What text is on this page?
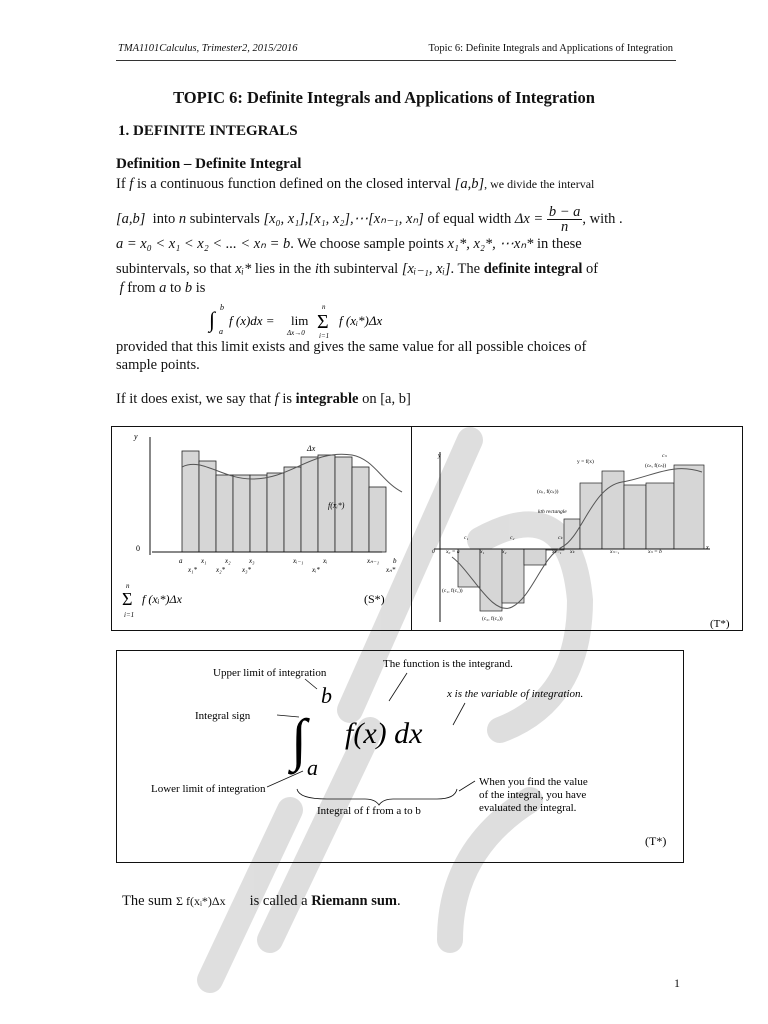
TMA1101Calculus, Trimester2, 2015/2016	Topic 6: Definite Integrals and Applications of Integration
TOPIC 6: Definite Integrals and Applications of Integration
1. DEFINITE INTEGRALS
Definition – Definite Integral
If f is a continuous function defined on the closed interval [a,b], we divide the interval
[a,b] into n subintervals [x₀, x₁],[x₁, x₂],⋯[xₙ₋₁, xₙ] of equal width $\Delta x = \frac{b - a}{n}$ , with .
a = x₀ < x₁ < x₂ < ... < xₙ = b. We choose sample points x₁*, x₂*, ⋯xₙ* in these
subintervals, so that xᵢ* lies in the ith subinterval [xᵢ₋₁, xᵢ]. The definite integral of
f from a to b is
∫ b
a
f (x)dx = lim
Δx→0 Σ
n
i=1
f (xᵢ*)Δx
provided that this limit exists and gives the same value for all possible choices of
sample points.
If it does exist, we say that f is integrable on [a, b]
y
Δx
f(xᵢ*)
0
a	x₁	x₂	x₃	xᵢ₋₁	xᵢ	xₙ₋₁ b
x₁*	x₂* x₃*	xᵢ*	xₙ*
Σ
n
i=1
f (xᵢ*)Δx	(S*)
y
x
y = f(x)
(cₙ, f(cₙ))
(cₖ, f(cₖ))
kth rectangle
(c₁, f(c₁))
(c₂, f(c₂))
0 x₀ = a	x₁	x₂	xₖ₋₁ xₖ	xₙ₋₁	xₙ = b
c₁	c₂	cₖ
cₙ
(T*)
Upper limit of integration
The function is the integrand.
x is the variable of integration.
Integral sign
b
∫ f(x) dx
a
Lower limit of integration
When you find the value
of the integral, you have
evaluated the integral.
Integral of f from a to b
(T*)
The sum Σ f(xᵢ*)Δx is called a Riemann sum.
1
